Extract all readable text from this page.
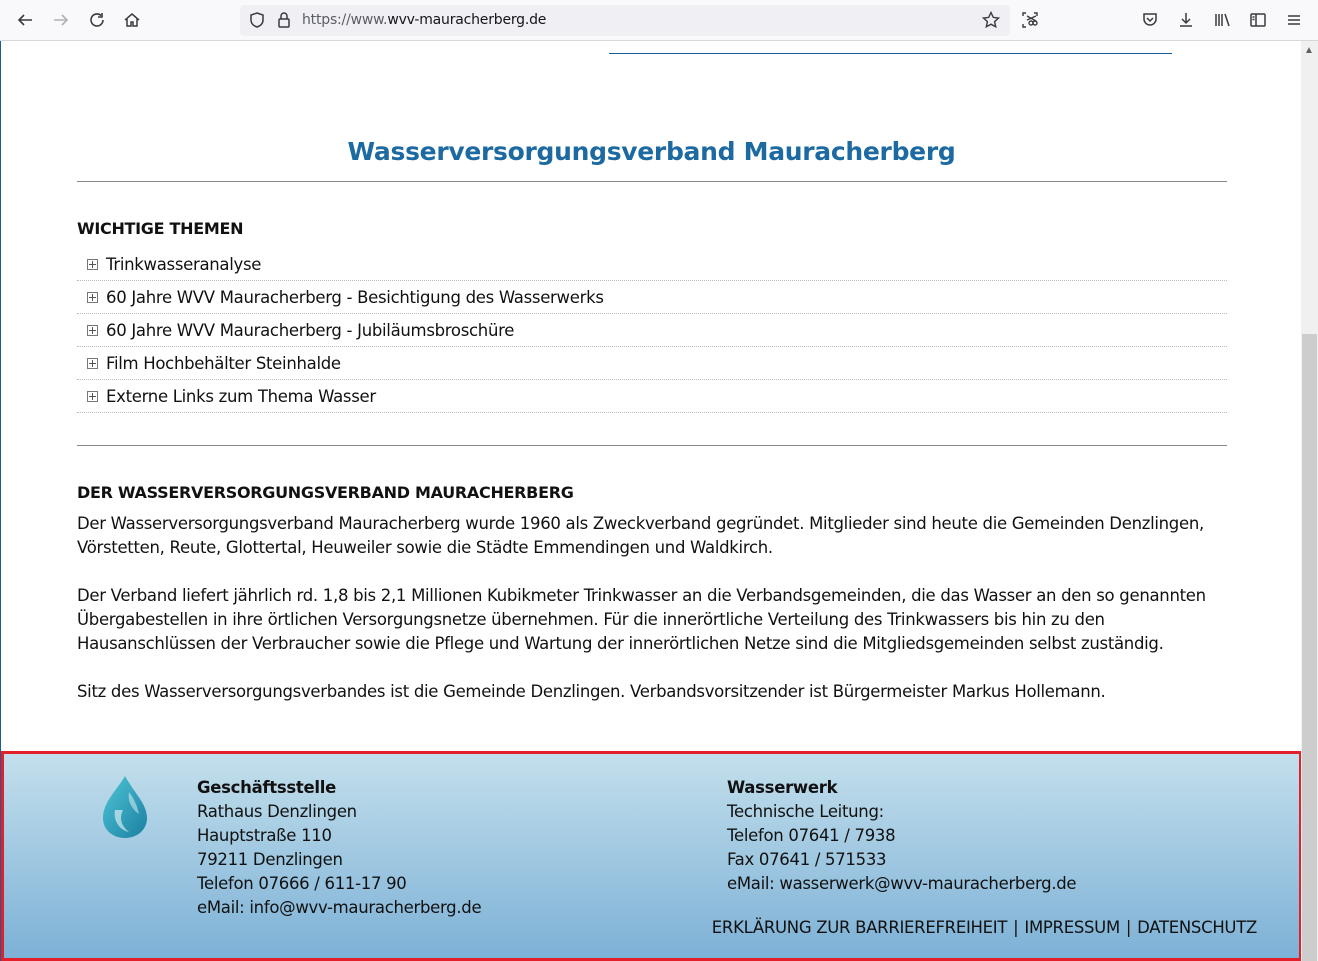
https://www.wvv-mauracherberg.de
Wasserversorgungsverband Mauracherberg
WICHTIGE THEMEN
Trinkwasseranalyse
60 Jahre WVV Mauracherberg - Besichtigung des Wasserwerks
60 Jahre WVV Mauracherberg - Jubiläumsbroschüre
Film Hochbehälter Steinhalde
Externe Links zum Thema Wasser
DER WASSERVERSORGUNGSVERBAND MAURACHERBERG

Der Wasserversorgungsverband Mauracherberg wurde 1960 als Zweckverband gegründet. Mitglieder sind heute die Gemeinden Denzlingen, Vörstetten, Reute, Glottertal, Heuweiler sowie die Städte Emmendingen und Waldkirch.

Der Verband liefert jährlich rd. 1,8 bis 2,1 Millionen Kubikmeter Trinkwasser an die Verbandsgemeinden, die das Wasser an den so genannten Übergabestellen in ihre örtlichen Versorgungsnetze übernehmen. Für die innerörtliche Verteilung des Trinkwassers bis hin zu den Hausanschlüssen der Verbraucher sowie die Pflege und Wartung der innerörtlichen Netze sind die Mitgliedsgemeinden selbst zuständig.

Sitz des Wasserversorgungsverbandes ist die Gemeinde Denzlingen. Verbandsvorsitzender ist Bürgermeister Markus Hollemann.

Geschäftsstelle
Rathaus Denzlingen
Hauptstraße 110
79211 Denzlingen
Telefon 07666 / 611-17 90
eMail: info@wvv-mauracherberg.de
Wasserwerk
Technische Leitung:
Telefon 07641 / 7938
Fax 07641 / 571533
eMail: wasserwerk@wvv-mauracherberg.de
ERKLÄRUNG ZUR BARRIEREFREIHEIT | IMPRESSUM | DATENSCHUTZ
▲
